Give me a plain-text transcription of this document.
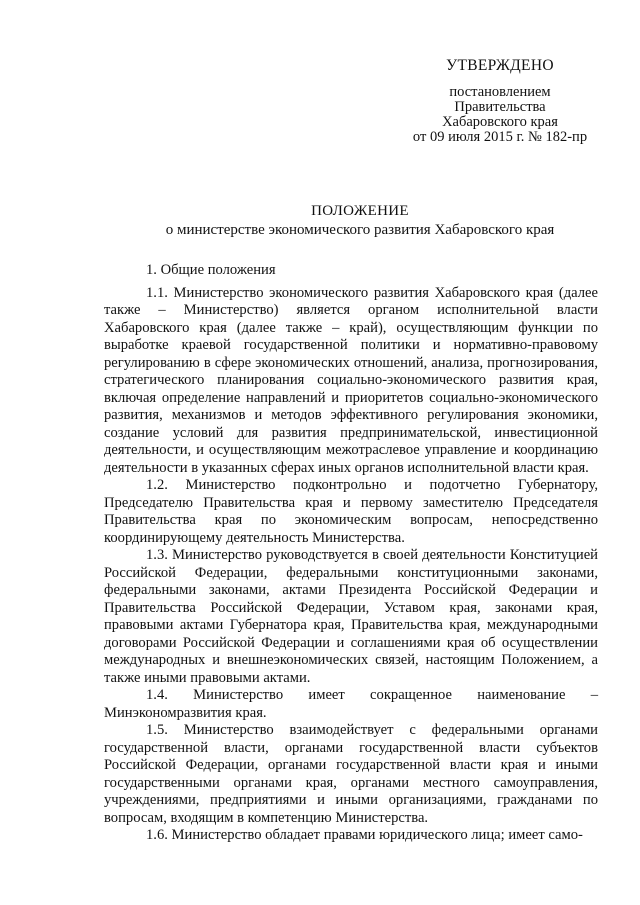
УТВЕРЖДЕНО
постановлением
Правительства
Хабаровского края
от 09 июля 2015 г. № 182-пр
ПОЛОЖЕНИЕ
о министерстве экономического развития Хабаровского края
1. Общие положения

1.1. Министерство экономического развития Хабаровского края (далее также – Министерство) является органом исполнительной власти Хабаровского края (далее также – край), осуществляющим функции по выработке краевой государственной политики и нормативно-правовому регулированию в сфере экономических отношений, анализа, прогнозирования, стратегического планирования социально-экономического развития края, включая определение направлений и приоритетов социально-экономического развития, механизмов и методов эффективного регулирования экономики, создание условий для развития предпринимательской, инвестиционной деятельности, и осуществляющим межотраслевое управление и координацию деятельности в указанных сферах иных органов исполнительной власти края.

1.2. Министерство подконтрольно и подотчетно Губернатору, Председателю Правительства края и первому заместителю Председателя Правительства края по экономическим вопросам, непосредственно координирующему деятельность Министерства.

1.3. Министерство руководствуется в своей деятельности Конституцией Российской Федерации, федеральными конституционными законами, федеральными законами, актами Президента Российской Федерации и Правительства Российской Федерации, Уставом края, законами края, правовыми актами Губернатора края, Правительства края, международными договорами Российской Федерации и соглашениями края об осуществлении международных и внешнеэкономических связей, настоящим Положением, а также иными правовыми актами.

1.4. Министерство имеет сокращенное наименование – Минэкономразвития края.

1.5. Министерство взаимодействует с федеральными органами государственной власти, органами государственной власти субъектов Российской Федерации, органами государственной власти края и иными государственными органами края, органами местного самоуправления, учреждениями, предприятиями и иными организациями, гражданами по вопросам, входящим в компетенцию Министерства.

1.6. Министерство обладает правами юридического лица; имеет само-
